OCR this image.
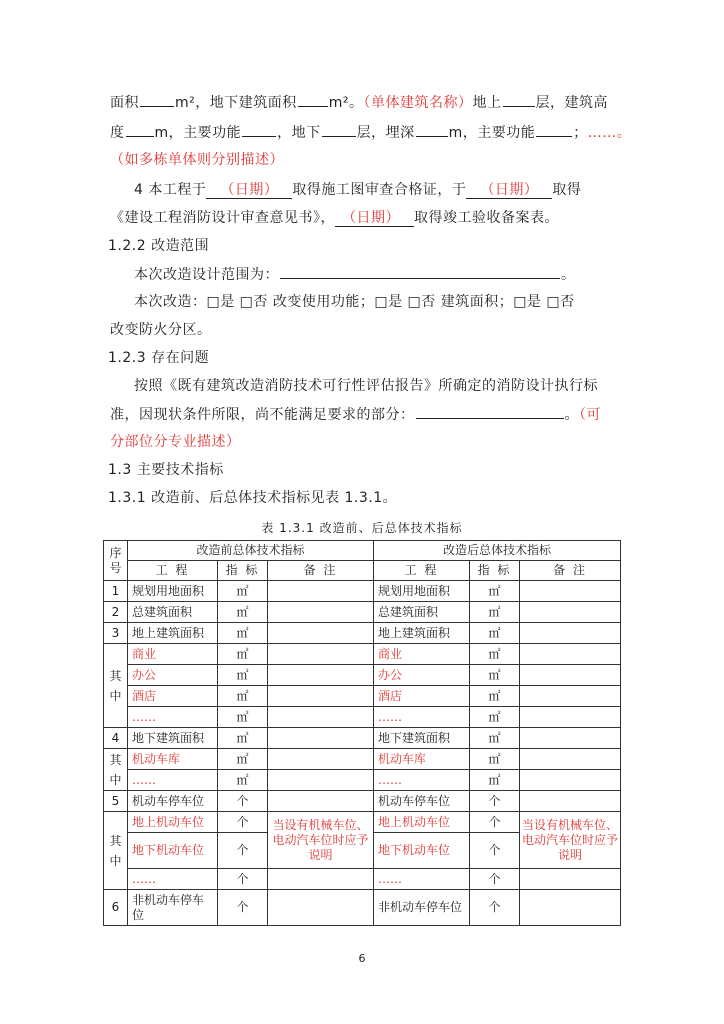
面积	m²，地下建筑面积 m²。（单体建筑名称）地上 层，建筑高
度 m，主要功能	，地下	层，埋深 m，主要功能	；……。
（如多栋单体则分别描述）
4 本工程于 （日期） 取得施工图审查合格证，于 （日期） 取得
《建设工程消防设计审查意见书》， （日期） 取得竣工验收备案表。
1.2.2 改造范围
本次改造设计范围为：	。
本次改造：□是 □否 改变使用功能；□是 □否 建筑面积；□是 □否
改变防火分区。
1.2.3 存在问题
按照《既有建筑改造消防技术可行性评估报告》所确定的消防设计执行标
准，因现状条件所限，尚不能满足要求的部分：	。（可
分部位分专业描述）
1.3 主要技术指标
1.3.1 改造前、后总体技术指标见表 1.3.1。
表 1.3.1 改造前、后总体技术指标
序号	改造前总体技术指标			改造后总体技术指标		
	工 程	指 标	备 注	工 程	指 标	备 注
1	规划用地面积	㎡		规划用地面积	㎡	
2	总建筑面积	㎡		总建筑面积	㎡	
3	地上建筑面积	㎡		地上建筑面积	㎡	
其中	商业	㎡		商业	㎡	
	办公	㎡		办公	㎡	
	酒店	㎡		酒店	㎡	
	……	㎡		……	㎡	
4	地下建筑面积	㎡		地下建筑面积	㎡	
其中	机动车库	㎡		机动车库	㎡	
	……	㎡		……	㎡	
5	机动车停车位	个		机动车停车位	个	
其中	地上机动车位	个	当设有机械车位、电动汽车位时应予说明	地上机动车位	个	当设有机械车位、电动汽车位时应予说明
	地下机动车位	个		地下机动车位	个	
	……	个		……	个	
6	非机动车停车位	个		非机动车停车位	个	
6
